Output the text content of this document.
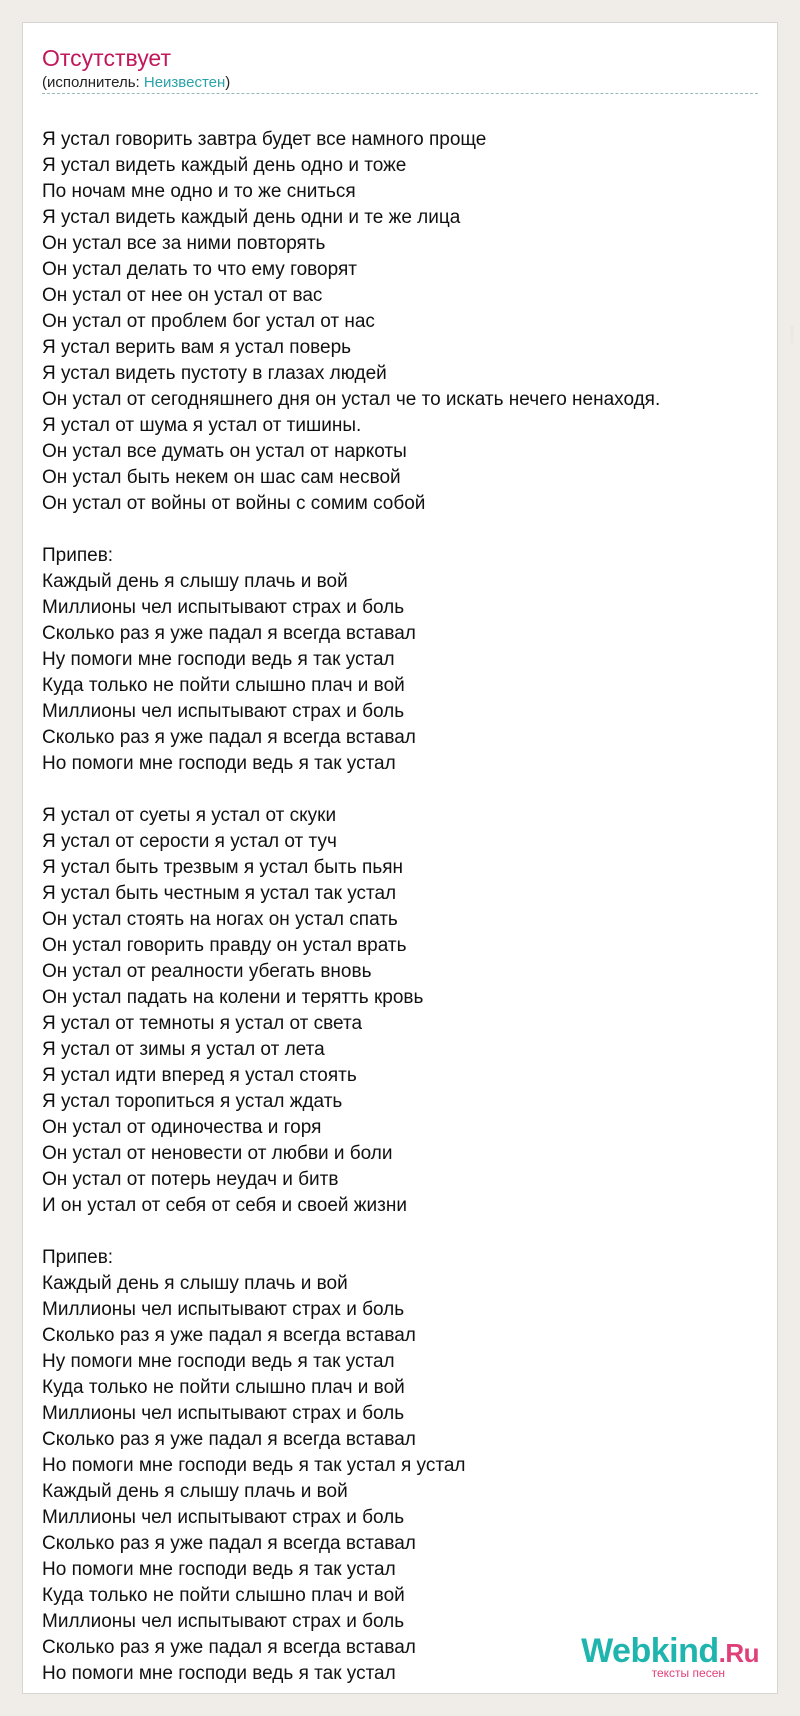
Отсутствует
(исполнитель: Неизвестен)
Я устал говорить завтра будет все намного проще
Я устал видеть каждый день одно и тоже
По ночам мне одно и то же сниться
Я устал видеть каждый день одни и те же лица
Он устал все за ними повторять
Он устал делать то что ему говорят
Он устал от нее он устал от вас
Он устал от проблем бог устал от нас
Я устал верить вам я устал поверь
Я устал видеть пустоту в глазах людей
Он устал от сегодняшнего дня он устал че то искать нечего ненаходя.
Я устал от шума я устал от тишины.
Он устал все думать он устал от наркоты
Он устал быть некем он шас сам несвой
Он устал от войны от войны с сомим собой
Припев:
Каждый день я слышу плачь и вой
Миллионы чел испытывают страх и боль
Сколько раз я уже падал я всегда вставал
Ну помоги мне господи ведь я так устал
Куда только не пойти слышно плач и вой
Миллионы чел испытывают страх и боль
Сколько раз я уже падал я всегда вставал
Но помоги мне господи ведь я так устал
Я устал от суеты я устал от скуки
Я устал от серости я устал от туч
Я устал быть трезвым я устал быть пьян
Я устал быть честным я устал так устал
Он устал стоять на ногах он устал спать
Он устал говорить правду он устал врать
Он устал от реалности убегать вновь
Он устал падать на колени и терятть кровь
Я устал от темноты я устал от света
Я устал от зимы я устал от лета
Я устал идти вперед я устал стоять
Я устал торопиться я устал ждать
Он устал от одиночества и горя
Он устал от неновести от любви и боли
Он устал от потерь неудач и битв
И он устал от себя от себя и своей жизни
Припев:
Каждый день я слышу плачь и вой
Миллионы чел испытывают страх и боль
Сколько раз я уже падал я всегда вставал
Ну помоги мне господи ведь я так устал
Куда только не пойти слышно плач и вой
Миллионы чел испытывают страх и боль
Сколько раз я уже падал я всегда вставал
Но помоги мне господи ведь я так устал я устал
Каждый день я слышу плачь и вой
Миллионы чел испытывают страх и боль
Сколько раз я уже падал я всегда вставал
Но помоги мне господи ведь я так устал
Куда только не пойти слышно плач и вой
Миллионы чел испытывают страх и боль
Сколько раз я уже падал я всегда вставал
Но помоги мне господи ведь я так устал
Webkind.Ru
тексты песен
